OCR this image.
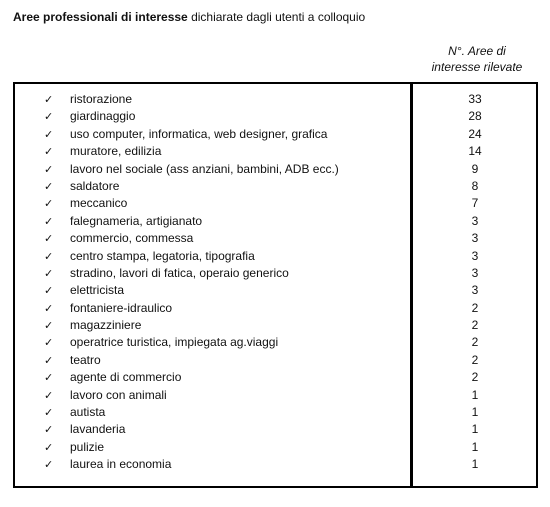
Aree professionali di interesse dichiarate dagli utenti a colloquio
N°. Aree di
interesse rilevate
✓ ristorazione	33
✓ giardinaggio	28
✓ uso computer, informatica, web designer, grafica	24
✓ muratore, edilizia	14
✓ lavoro nel sociale (ass anziani, bambini, ADB ecc.)	9
✓ saldatore	8
✓ meccanico	7
✓ falegnameria, artigianato	3
✓ commercio, commessa	3
✓ centro stampa, legatoria, tipografia	3
✓ stradino, lavori di fatica, operaio generico	3
✓ elettricista	3
✓ fontaniere-idraulico	2
✓ magazziniere	2
✓ operatrice turistica, impiegata ag.viaggi	2
✓ teatro	2
✓ agente di commercio	2
✓ lavoro con animali	1
✓ autista	1
✓ lavanderia	1
✓ pulizie	1
✓ laurea in economia	1
